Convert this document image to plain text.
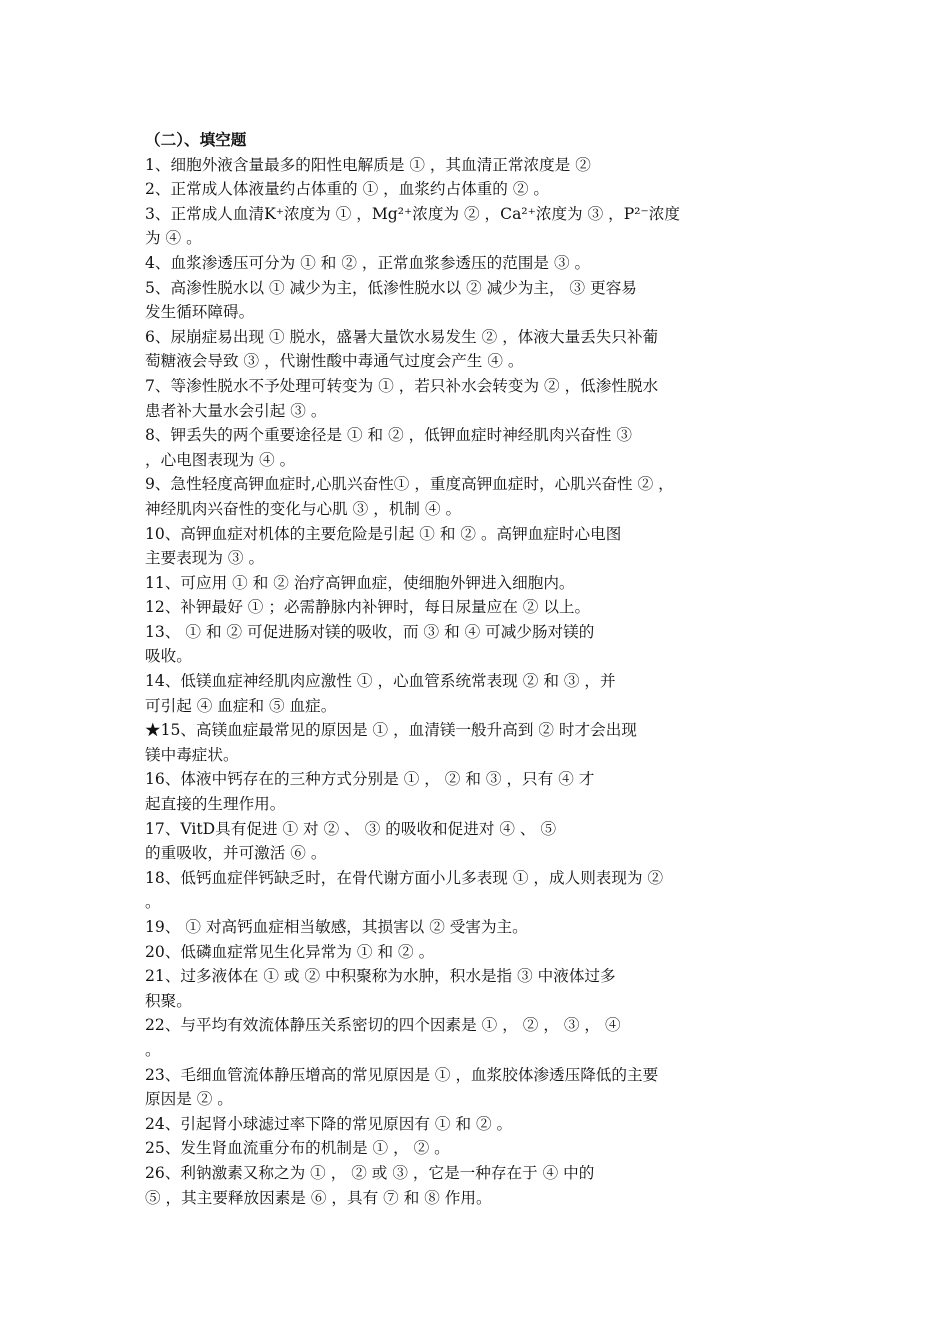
（二）、填空题
1、细胞外液含量最多的阳性电解质是 ① ，其血清正常浓度是 ②
2、正常成人体液量约占体重的 ① ，血浆约占体重的 ② 。
3、正常成人血清K⁺浓度为 ① ，Mg²⁺浓度为 ② ，Ca²⁺浓度为 ③ ，P²⁻浓度
为 ④ 。
4、血浆渗透压可分为 ① 和 ② ，正常血浆参透压的范围是 ③ 。
5、高渗性脱水以 ① 减少为主，低渗性脱水以 ② 减少为主， ③ 更容易
发生循环障碍。
6、尿崩症易出现 ① 脱水，盛暑大量饮水易发生 ② ，体液大量丢失只补葡
萄糖液会导致 ③ ，代谢性酸中毒通气过度会产生 ④ 。
7、等渗性脱水不予处理可转变为 ① ，若只补水会转变为 ② ，低渗性脱水
患者补大量水会引起 ③ 。
8、钾丢失的两个重要途径是 ① 和 ② ，低钾血症时神经肌肉兴奋性 ③
，心电图表现为 ④ 。
9、急性轻度高钾血症时,心肌兴奋性① ，重度高钾血症时，心肌兴奋性 ② ，
神经肌肉兴奋性的变化与心肌 ③ ，机制 ④ 。
10、高钾血症对机体的主要危险是引起 ① 和 ② 。高钾血症时心电图
主要表现为 ③ 。
11、可应用 ① 和 ② 治疗高钾血症，使细胞外钾进入细胞内。
12、补钾最好 ① ；必需静脉内补钾时，每日尿量应在 ② 以上。
13、 ① 和 ② 可促进肠对镁的吸收，而 ③ 和 ④ 可减少肠对镁的
吸收。
14、低镁血症神经肌肉应激性 ① ，心血管系统常表现 ② 和 ③ ，并
可引起 ④ 血症和 ⑤ 血症。
★15、高镁血症最常见的原因是 ① ，血清镁一般升高到 ② 时才会出现
镁中毒症状。
16、体液中钙存在的三种方式分别是 ① ， ② 和 ③ ，只有 ④ 才
起直接的生理作用。
17、VitD具有促进 ① 对 ② 、 ③ 的吸收和促进对 ④ 、 ⑤
的重吸收，并可激活 ⑥ 。
18、低钙血症伴钙缺乏时，在骨代谢方面小儿多表现 ① ，成人则表现为 ②
。
19、 ① 对高钙血症相当敏感，其损害以 ② 受害为主。
20、低磷血症常见生化异常为 ① 和 ② 。
21、过多液体在 ① 或 ② 中积聚称为水肿，积水是指 ③ 中液体过多
积聚。
22、与平均有效流体静压关系密切的四个因素是 ① ， ② ， ③ ， ④
。
23、毛细血管流体静压增高的常见原因是 ① ，血浆胶体渗透压降低的主要
原因是 ② 。
24、引起肾小球滤过率下降的常见原因有 ① 和 ② 。
25、发生肾血流重分布的机制是 ① ， ② 。
26、利钠激素又称之为 ① ， ② 或 ③ ，它是一种存在于 ④ 中的
⑤ ，其主要释放因素是 ⑥ ，具有 ⑦ 和 ⑧ 作用。
